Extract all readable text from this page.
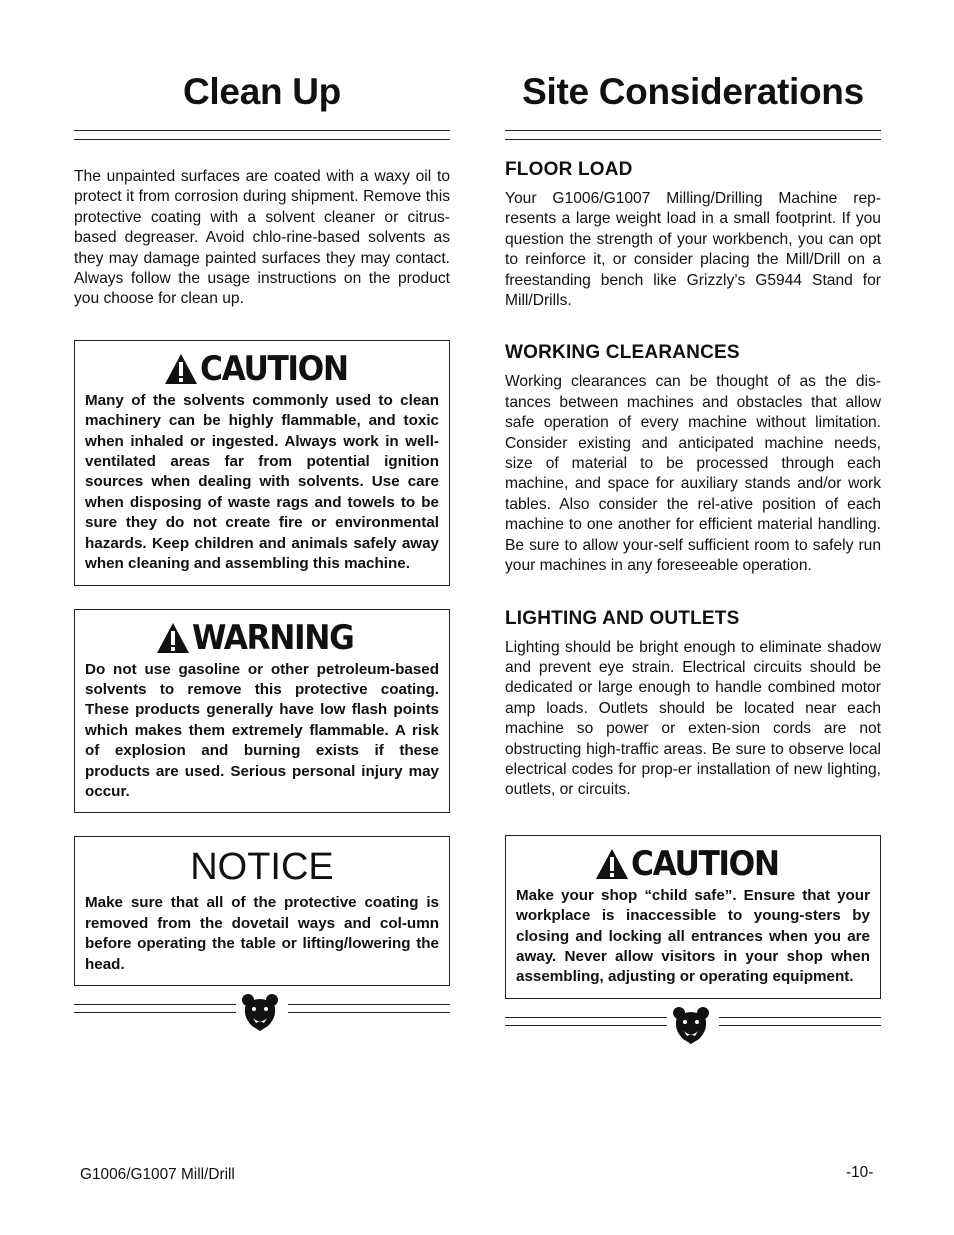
Clean Up

The unpainted surfaces are coated with a waxy oil to protect it from corrosion during shipment. Remove this protective coating with a solvent cleaner or citrus-based degreaser. Avoid chlo-rine-based solvents as they may damage painted surfaces they may contact. Always follow the usage instructions on the product you choose for clean up.

CAUTION

Many of the solvents commonly used to clean machinery can be highly flammable, and toxic when inhaled or ingested. Always work in well-ventilated areas far from potential ignition sources when dealing with solvents. Use care when disposing of waste rags and towels to be sure they do not create fire or environmental hazards. Keep children and animals safely away when cleaning and assembling this machine.

WARNING

Do not use gasoline or other petroleum-based solvents to remove this protective coating. These products generally have low flash points which makes them extremely flammable. A risk of explosion and burning exists if these products are used. Serious personal injury may occur.

NOTICE

Make sure that all of the protective coating is removed from the dovetail ways and col-umn before operating the table or lifting/lowering the head.

Site Considerations
FLOOR LOAD

Your G1006/G1007 Milling/Drilling Machine rep-resents a large weight load in a small footprint. If you question the strength of your workbench, you can opt to reinforce it, or consider placing the Mill/Drill on a freestanding bench like Grizzly’s G5944 Stand for Mill/Drills.

WORKING CLEARANCES

Working clearances can be thought of as the dis-tances between machines and obstacles that allow safe operation of every machine without limitation. Consider existing and anticipated machine needs, size of material to be processed through each machine, and space for auxiliary stands and/or work tables. Also consider the rel-ative position of each machine to one another for efficient material handling. Be sure to allow your-self sufficient room to safely run your machines in any foreseeable operation.

LIGHTING AND OUTLETS

Lighting should be bright enough to eliminate shadow and prevent eye strain. Electrical circuits should be dedicated or large enough to handle combined motor amp loads. Outlets should be located near each machine so power or exten-sion cords are not obstructing high-traffic areas. Be sure to observe local electrical codes for prop-er installation of new lighting, outlets, or circuits.

CAUTION

Make your shop “child safe”. Ensure that your workplace is inaccessible to young-sters by closing and locking all entrances when you are away. Never allow visitors in your shop when assembling, adjusting or operating equipment.

G1006/G1007 Mill/Drill	-10-
